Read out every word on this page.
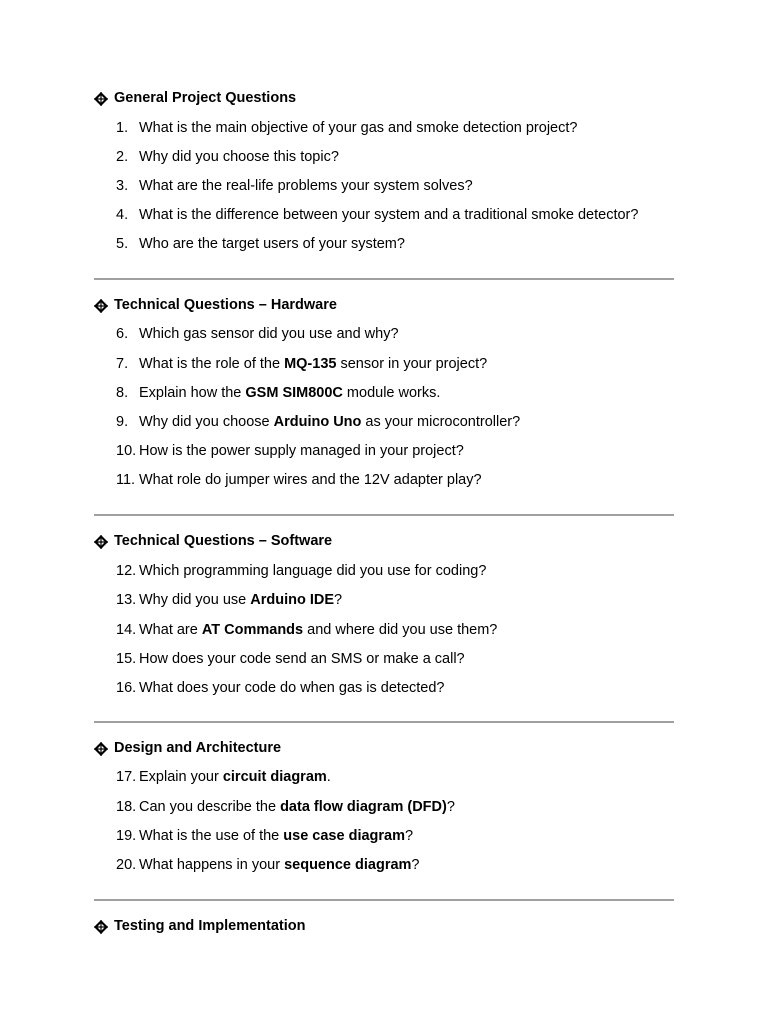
General Project Questions
1. What is the main objective of your gas and smoke detection project?
2. Why did you choose this topic?
3. What are the real-life problems your system solves?
4. What is the difference between your system and a traditional smoke detector?
5. Who are the target users of your system?
Technical Questions – Hardware
6. Which gas sensor did you use and why?
7. What is the role of the MQ-135 sensor in your project?
8. Explain how the GSM SIM800C module works.
9. Why did you choose Arduino Uno as your microcontroller?
10. How is the power supply managed in your project?
11. What role do jumper wires and the 12V adapter play?
Technical Questions – Software
12. Which programming language did you use for coding?
13. Why did you use Arduino IDE?
14. What are AT Commands and where did you use them?
15. How does your code send an SMS or make a call?
16. What does your code do when gas is detected?
Design and Architecture
17. Explain your circuit diagram.
18. Can you describe the data flow diagram (DFD)?
19. What is the use of the use case diagram?
20. What happens in your sequence diagram?
Testing and Implementation
